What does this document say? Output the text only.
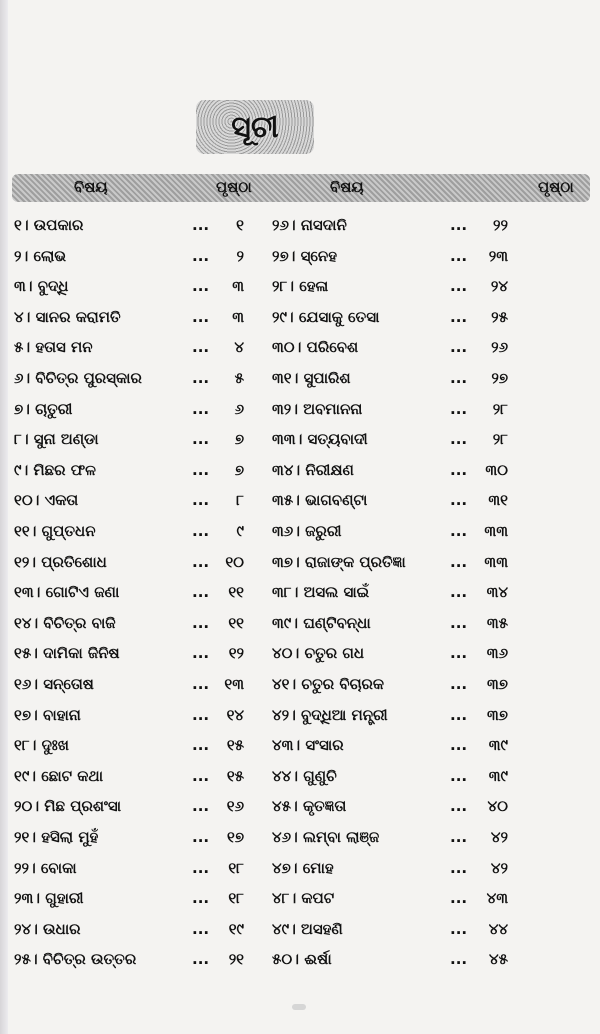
ସୂଚୀ
ବିଷୟ	ପୃଷ୍ଠା	ବିଷୟ	ପୃଷ୍ଠା
୧। ଉପକାର	...	୧ ୨୬। ନାସଦାନି	...	୨୨
୨। ଲୋଭ	...	୨ ୨୭। ସ୍ନେହ	...	୨୩
୩। ବୁଦ୍ଧି	...	୩ ୨୮। ହେଳା	...	୨୪
୪। ସାନର କରାମତି	...	୩ ୨୯। ଯେସାକୁ ତେସା	...	୨୫
୫। ହତାସ ମନ	...	୪ ୩୦। ପରିବେଶ	...	୨୬
୬। ବିଚିତ୍ର ପୁରସ୍କାର	...	୫ ୩୧। ସୁପାରିଶ	...	୨୭
୭। ଚାତୁରୀ	...	୬ ୩୨। ଅବମାନନା	...	୨୮
୮। ସୁନା ଅଣ୍ଡା	...	୭ ୩୩। ସତ୍ୟବାଦୀ	...	୨୮
୯। ମିଛର ଫଳ	...	୭ ୩୪। ନିରୀକ୍ଷଣ	...	୩୦
୧୦। ଏକତା	...	୮ ୩୫। ଭାଗବଣ୍ଟା	...	୩୧
୧୧। ଗୁପ୍ତଧନ	...	୯ ୩୬। ଜରୁରୀ	...	୩୩
୧୨। ପ୍ରତିଶୋଧ	...	୧୦ ୩୭। ରାଜାଙ୍କ ପ୍ରତିଜ୍ଞା	...	୩୩
୧୩। ଗୋଟିଏ ଜଣା	...	୧୧ ୩୮। ଅସଲ ସାଇଁ	...	୩୪
୧୪। ବିଚିତ୍ର ବାଜି	...	୧୧ ୩୯। ଘଣ୍ଟିବନ୍ଧା	...	୩୫
୧୫। ଦାମିକା ଜିନିଷ	...	୧୨ ୪୦। ଚତୁର ଗଧ	...	୩୬
୧୬। ସନ୍ତୋଷ	...	୧୩ ୪୧। ଚତୁର ବିଚାରକ	...	୩୭
୧୭। ବାହାନା	...	୧୪ ୪୨। ବୁଦ୍ଧିଆ ମନ୍ତ୍ରୀ	...	୩୭
୧୮। ଦୁଃଖ	...	୧୫ ୪୩। ସଂସାର	...	୩୯
୧୯। ଛୋଟ କଥା	...	୧୫ ୪୪। ଗୁଣୁଚି	...	୩୯
୨୦। ମିଛ ପ୍ରଶଂସା	...	୧୬ ୪୫। କୃତଜ୍ଞତା	...	୪୦
୨୧। ହସିଲା ମୁହଁ	...	୧୭ ୪୬। ଲମ୍ବା ଲାଞ୍ଜ	...	୪୨
୨୨। ବୋକା	...	୧୮ ୪୭। ମୋହ	...	୪୨
୨୩। ଗୁହାରୀ	...	୧୮ ୪୮। କପଟ	...	୪୩
୨୪। ଉଧାର	...	୧୯ ୪୯। ଅସହଣି	...	୪୪
୨୫। ବିଚିତ୍ର ଉତ୍ତର	...	୨୧ ୫୦। ଈର୍ଷା	...	୪୫
